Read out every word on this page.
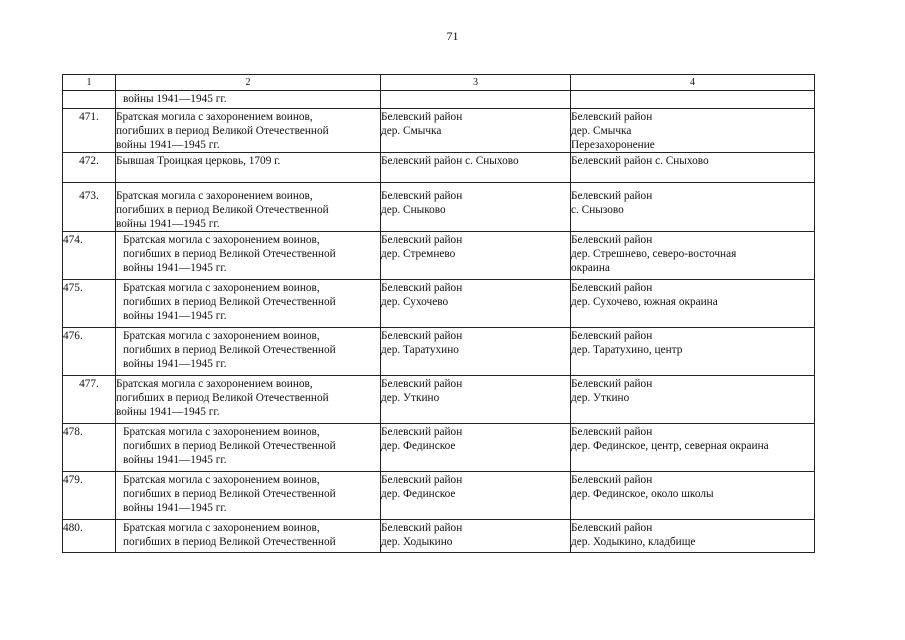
71
1	2	3	4

	войны 1941—1945 гг.		

471.	Братская могила с захоронением воинов,
погибших в период Великой Отечественной
войны 1941—1945 гг.	Белевский район
дер. Смычка	Белевский район
дер. Смычка
Перезахоронение

472.	Бывшая Троицкая церковь, 1709 г.	Белевский район с. Сныхово	Белевский район с. Сныхово

473.	Братская могила с захоронением воинов,
погибших в период Великой Отечественной
войны 1941—1945 гг.	Белевский район
дер. Сныково	Белевский район
с. Снызово

474.	Братская могила с захоронением воинов,
погибших в период Великой Отечественной
войны 1941—1945 гг.	Белевский район
дер. Стремнево	Белевский район
дер. Стрешнево, северо-восточная
окраина

475.	Братская могила с захоронением воинов,
погибших в период Великой Отечественной
войны 1941—1945 гг.	Белевский район
дер. Сухочево	Белевский район
дер. Сухочево, южная окраина

476.	Братская могила с захоронением воинов,
погибших в период Великой Отечественной
войны 1941—1945 гг.	Белевский район
дер. Таратухино	Белевский район
дер. Таратухино, центр

477.	Братская могила с захоронением воинов,
погибших в период Великой Отечественной
войны 1941—1945 гг.	Белевский район
дер. Уткино	Белевский район
дер. Уткино

478.	Братская могила с захоронением воинов,
погибших в период Великой Отечественной
войны 1941—1945 гг.	Белевский район
дер. Фединское	Белевский район
дер. Фединское, центр, северная окраина

479.	Братская могила с захоронением воинов,
погибших в период Великой Отечественной
войны 1941—1945 гг.	Белевский район
дер. Фединское	Белевский район
дер. Фединское, около школы

480.	Братская могила с захоронением воинов,
погибших в период Великой Отечественной	Белевский район
дер. Ходыкино	Белевский район
дер. Ходыкино, кладбище
